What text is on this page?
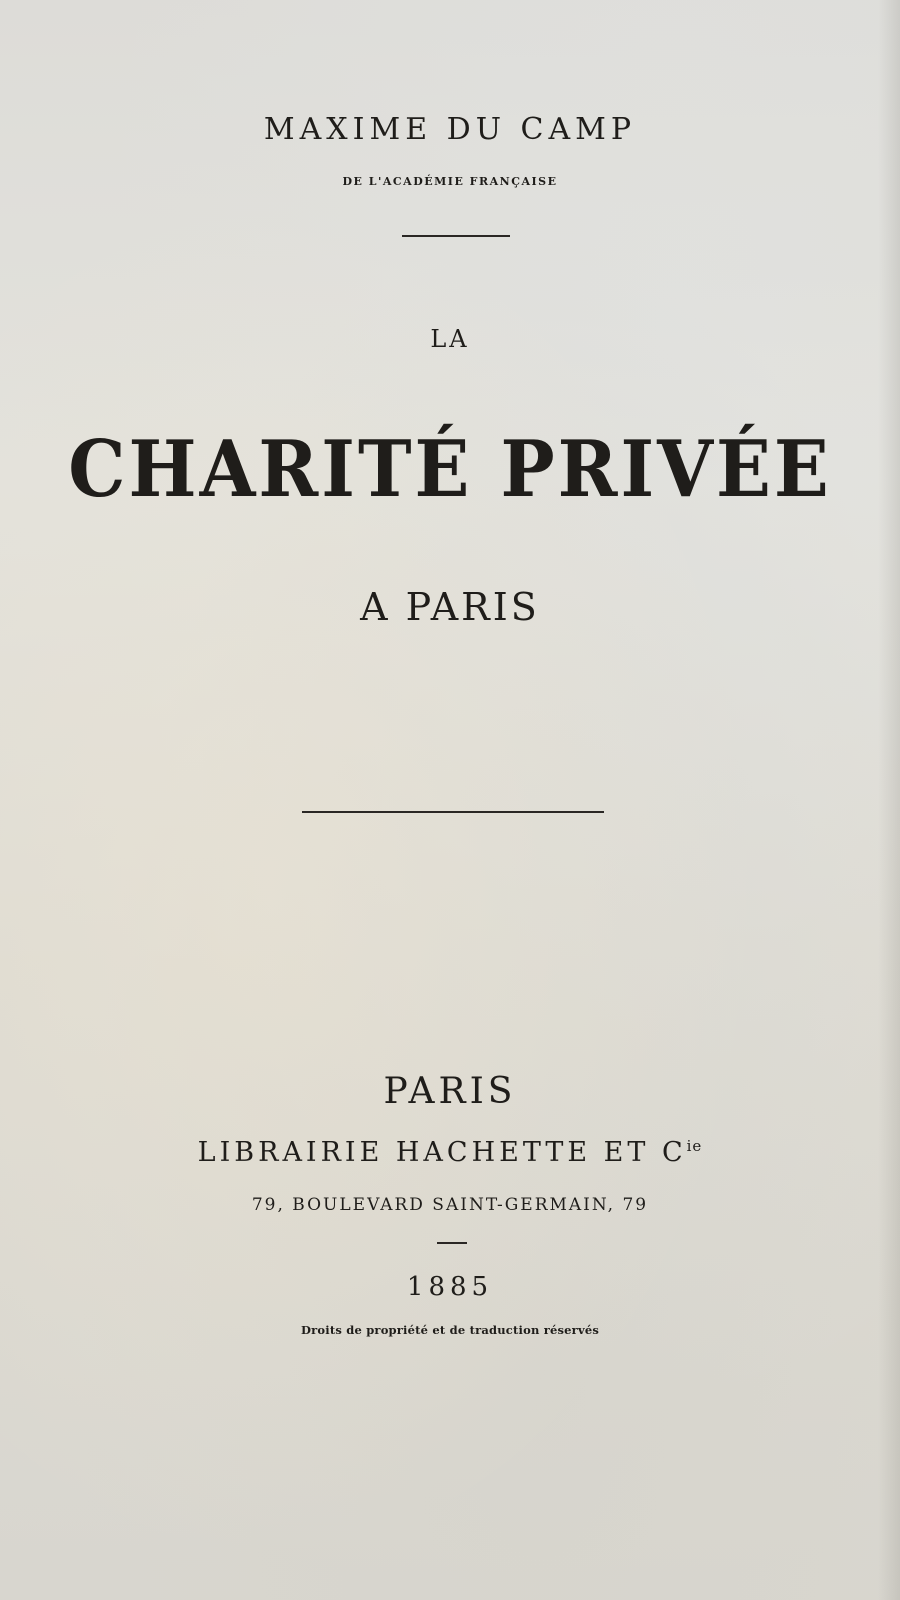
MAXIME DU CAMP
DE L'ACADÉMIE FRANÇAISE
LA
CHARITÉ PRIVÉE
A PARIS
PARIS
LIBRAIRIE HACHETTE ET $C^{ie}$
79, BOULEVARD SAINT-GERMAIN, 79
1885
Droits de propriété et de traduction réservés
